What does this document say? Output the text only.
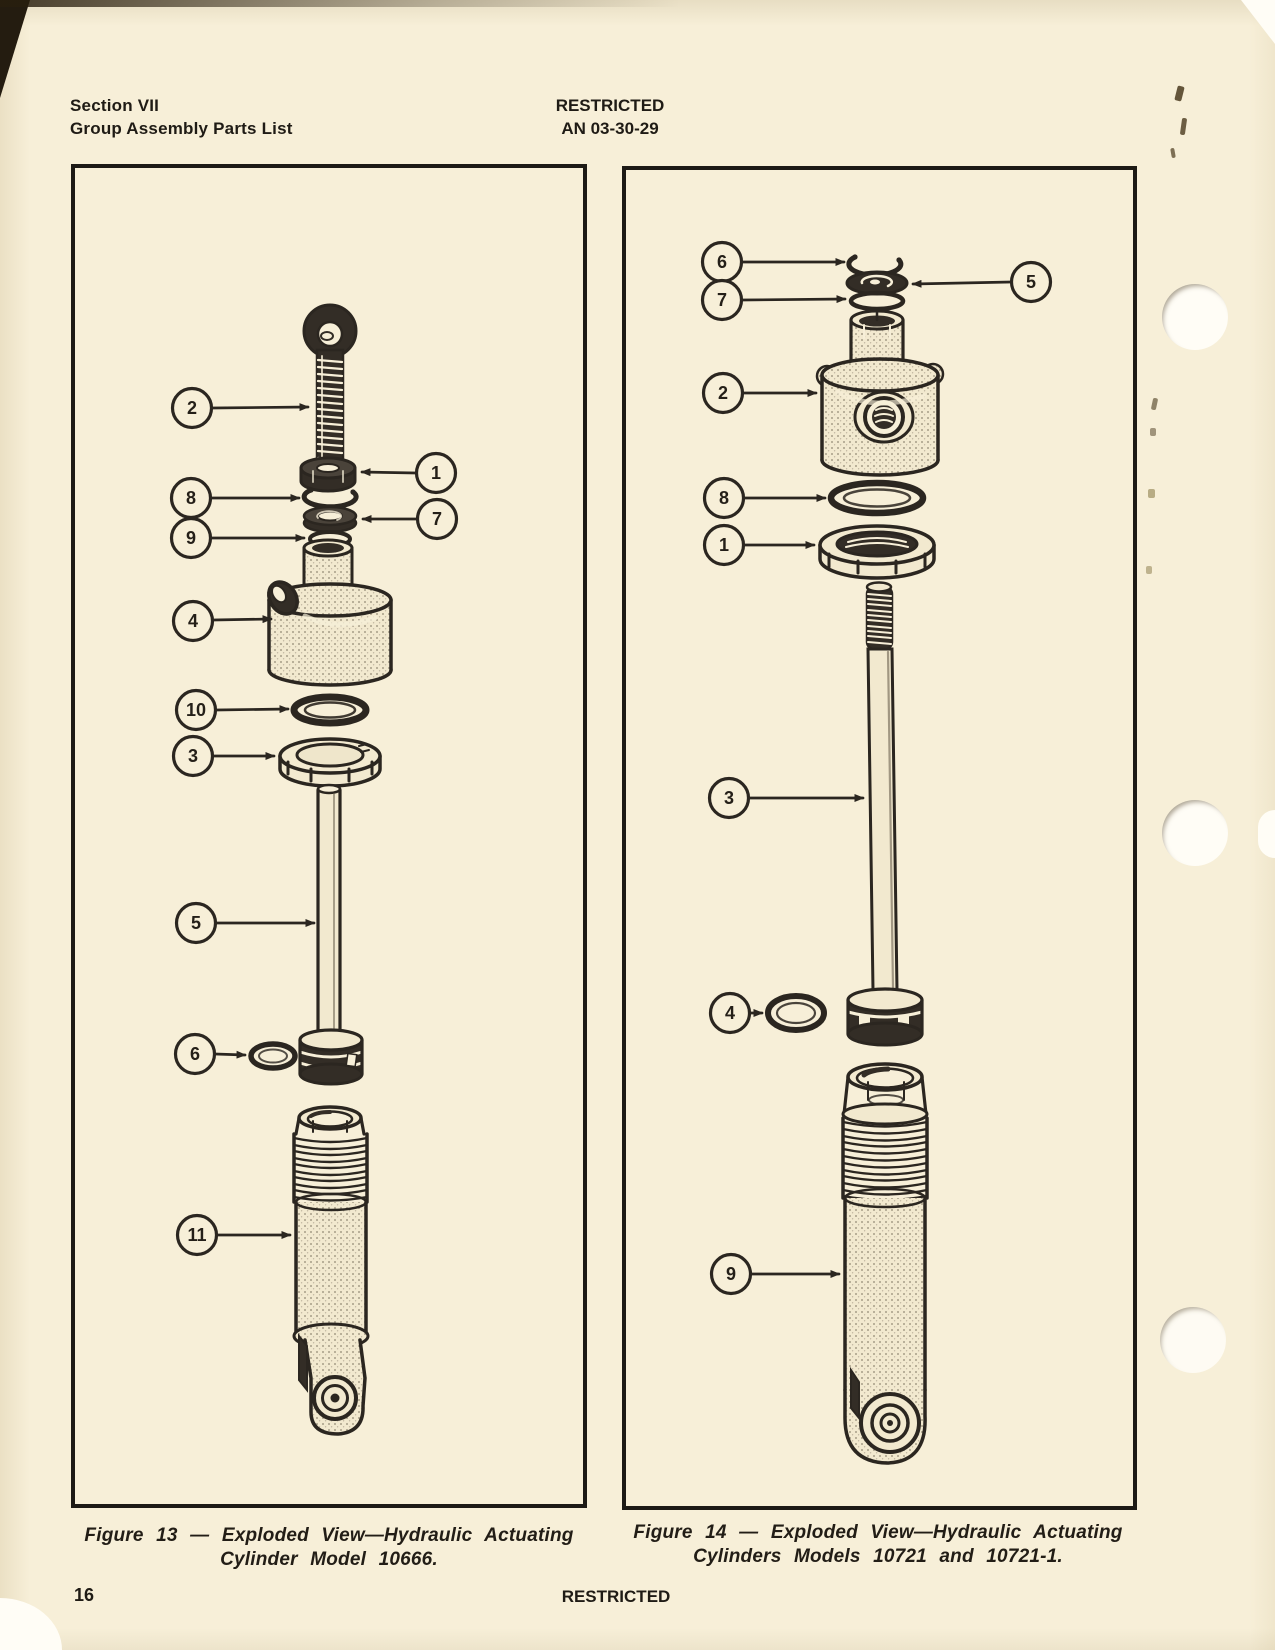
Section VII
Group Assembly Parts List
RESTRICTED
AN 03-30-29
2
1
8
7
9
4
10
3
5
6
11
6
5
7
2
8
1
3
4
9
Figure 13 — Exploded View—Hydraulic Actuating
Cylinder Model 10666.
Figure 14 — Exploded View—Hydraulic Actuating
Cylinders Models 10721 and 10721-1.
16	RESTRICTED
